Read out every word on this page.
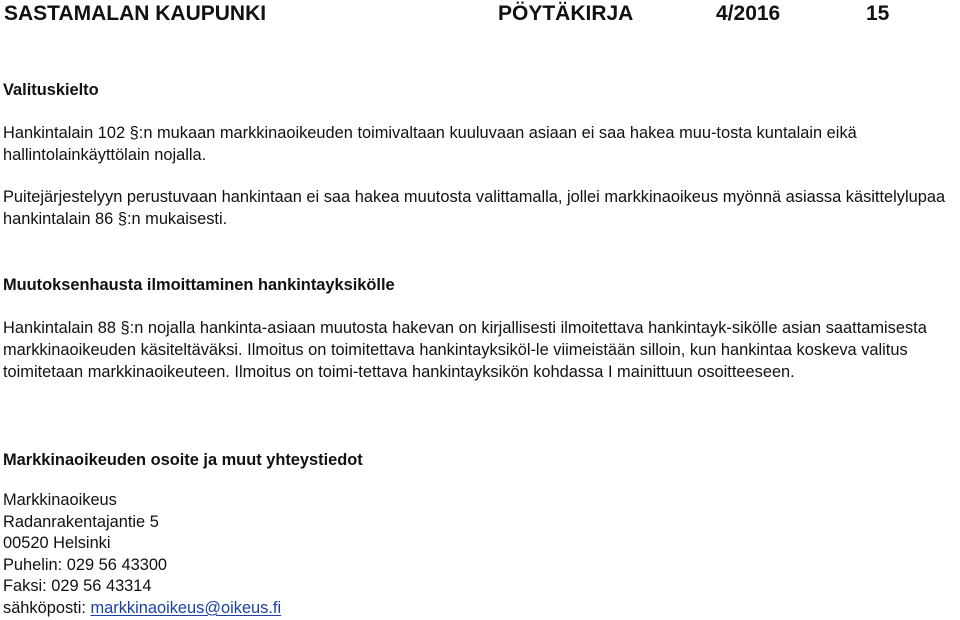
SASTAMALAN KAUPUNKI	PÖYTÄKIRJA	4/2016	15
Valituskielto

Hankintalain 102 §:n mukaan markkinaoikeuden toimivaltaan kuuluvaan asiaan ei saa hakea muu-tosta kuntalain eikä hallintolainkäyttölain nojalla.

Puitejärjestelyyn perustuvaan hankintaan ei saa hakea muutosta valittamalla, jollei markkinaoikeus myönnä asiassa käsittelylupaa hankintalain 86 §:n mukaisesti.

Muutoksenhausta ilmoittaminen hankintayksikölle

Hankintalain 88 §:n nojalla hankinta-asiaan muutosta hakevan on kirjallisesti ilmoitettava hankintayk-sikölle asian saattamisesta markkinaoikeuden käsiteltäväksi. Ilmoitus on toimitettava hankintayksiköl-le viimeistään silloin, kun hankintaa koskeva valitus toimitetaan markkinaoikeuteen. Ilmoitus on toimi-tettava hankintayksikön kohdassa I mainittuun osoitteeseen.

Markkinaoikeuden osoite ja muut yhteystiedot
Markkinaoikeus
Radanrakentajantie 5
00520 Helsinki
Puhelin: 029 56 43300
Faksi: 029 56 43314
sähköposti: markkinaoikeus@oikeus.fi
